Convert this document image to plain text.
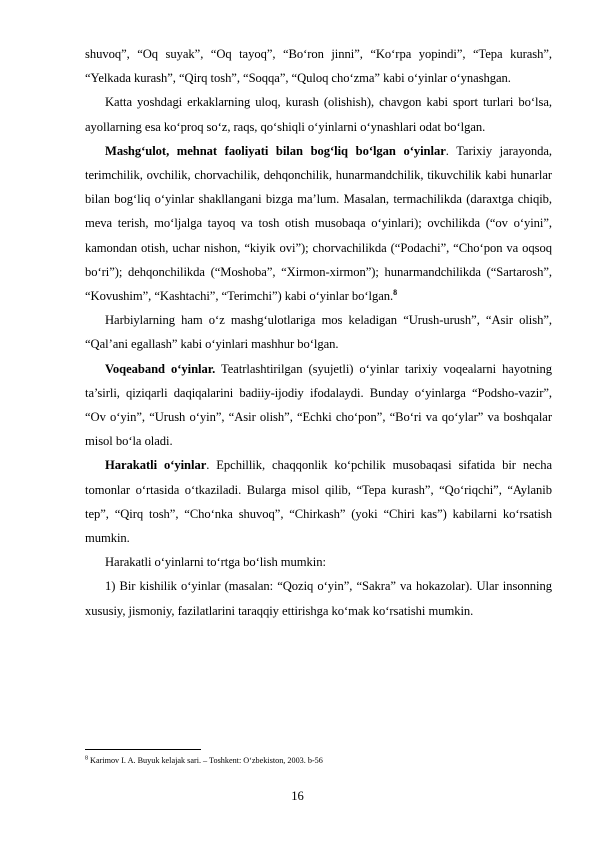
shuvoq”, “Oq suyak”, “Oq tayoq”, “Bo‘ron jinni”, “Ko‘rpa yopindi”, “Tepa kurash”, “Yelkada kurash”, “Qirq tosh”, “Soqqa”, “Quloq cho‘zma” kabi o‘yinlar o‘ynashgan.

Katta yoshdagi erkaklarning uloq, kurash (olishish), chavgon kabi sport turlari bo‘lsa, ayollarning esa ko‘proq so‘z, raqs, qo‘shiqli o‘yinlarni o‘ynashlari odat bo‘lgan.

Mashg‘ulot, mehnat faoliyati bilan bog‘liq bo‘lgan o‘yinlar. Tarixiy jarayonda, terimchilik, ovchilik, chorvachilik, dehqonchilik, hunarmandchilik, tikuvchilik kabi hunarlar bilan bog‘liq o‘yinlar shakllangani bizga ma’lum. Masalan, termachilikda (daraxtga chiqib, meva terish, mo‘ljalga tayoq va tosh otish musobaqa o‘yinlari); ovchilikda (“ov o‘yini”, kamondan otish, uchar nishon, “kiyik ovi”); chorvachilikda (“Podachi”, “Cho‘pon va oqsoq bo‘ri”); dehqonchilikda (“Moshoba”, “Xirmon-xirmon”); hunarmandchilikda (“Sartarosh”, “Kovushim”, “Kashtachi”, “Terimchi”) kabi o‘yinlar bo‘lgan.$^8$

Harbiylarning ham o‘z mashg‘ulotlariga mos keladigan “Urush-urush”, “Asir olish”, “Qal’ani egallash” kabi o‘yinlari mashhur bo‘lgan.

Voqeaband o‘yinlar. Teatrlashtirilgan (syujetli) o‘yinlar tarixiy voqealarni hayotning ta’sirli, qiziqarli daqiqalarini badiiy-ijodiy ifodalaydi. Bunday o‘yinlarga “Podsho-vazir”, “Ov o‘yin”, “Urush o‘yin”, “Asir olish”, “Echki cho‘pon”, “Bo‘ri va qo‘ylar” va boshqalar misol bo‘la oladi.

Harakatli o‘yinlar. Epchillik, chaqqonlik ko‘pchilik musobaqasi sifatida bir necha tomonlar o‘rtasida o‘tkaziladi. Bularga misol qilib, “Tepa kurash”, “Qo‘riqchi”, “Aylanib tep”, “Qirq tosh”, “Cho‘nka shuvoq”, “Chirkash” (yoki “Chiri kas”) kabilarni ko‘rsatish mumkin.

Harakatli o‘yinlarni to‘rtga bo‘lish mumkin:

1) Bir kishilik o‘yinlar (masalan: “Qoziq o‘yin”, “Sakra” va hokazolar). Ular insonning xususiy, jismoniy, fazilatlarini taraqqiy ettirishga ko‘mak ko‘rsatishi mumkin.

$^8$ Karimov I. A. Buyuk kelajak sari. – Toshkent: O‘zbekiston, 2003. b-56
16
